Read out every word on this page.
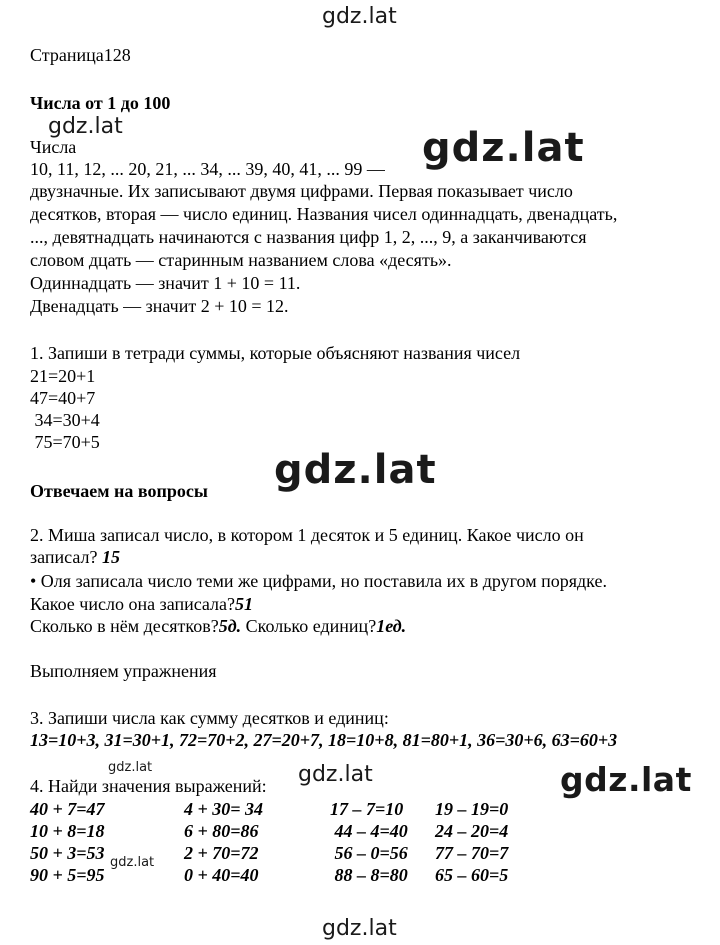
gdz.lat
gdz.lat	gdz.lat
gdz.lat
gdz.lat	gdz.lat
gdz.lat
gdz.lat
gdz.lat
Страница128
Числа от 1 до 100
Числа
10, 11, 12, ... 20, 21, ... 34, ... 39, 40, 41, ... 99 —
двузначные. Их записывают двумя цифрами. Первая показывает число
десятков, вторая — число единиц. Названия чисел одиннадцать, двенадцать,
..., девятнадцать начинаются с названия цифр 1, 2, ..., 9, а заканчиваются
словом дцать — старинным названием слова «десять».
Одиннадцать — значит 1 + 10 = 11.
Двенадцать — значит 2 + 10 = 12.
1. Запиши в тетради суммы, которые объясняют названия чисел
21=20+1
47=40+7
34=30+4
75=70+5
Отвечаем на вопросы
2. Миша записал число, в котором 1 десяток и 5 единиц. Какое число он
записал? 15
• Оля записала число теми же цифрами, но поставила их в другом порядке.
Какое число она записала?51
Сколько в нём десятков?5д. Сколько единиц?1ед.
Выполняем упражнения
3. Запиши числа как сумму десятков и единиц:
13=10+3, 31=30+1, 72=70+2, 27=20+7, 18=10+8, 81=80+1, 36=30+6, 63=60+3
4. Найди значения выражений:
40 + 7=47	4 + 30= 34	17 – 7=10 19 – 19=0
10 + 8=18	6 + 80=86	44 – 4=40 24 – 20=4
50 + 3=53	2 + 70=72	56 – 0=56 77 – 70=7
90 + 5=95	0 + 40=40	88 – 8=80 65 – 60=5
